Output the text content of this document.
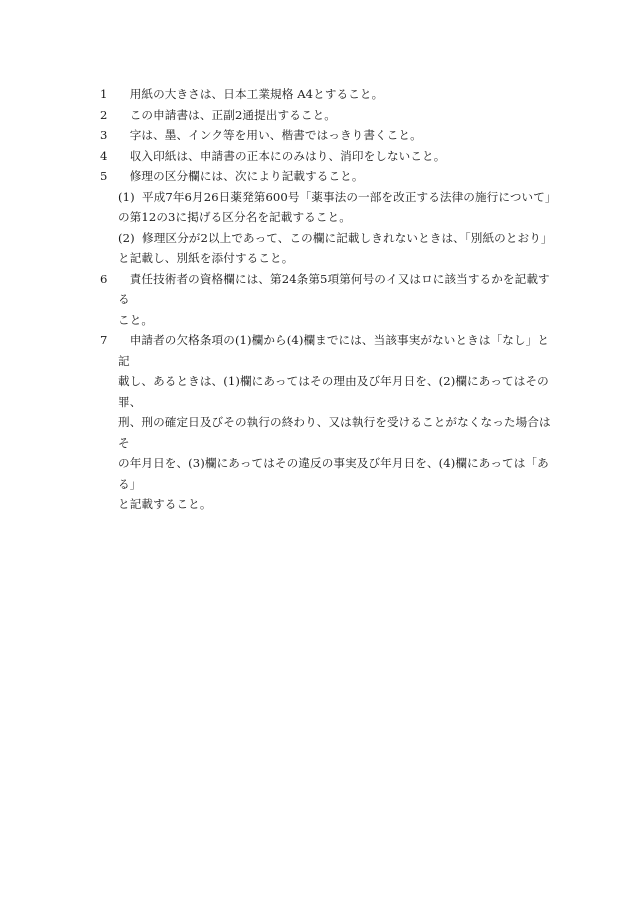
1 　用紙の大きさは、日本工業規格 A4とすること。
2 　この申請書は、正副2通提出すること。
3 　字は、墨、インク等を用い、楷書ではっきり書くこと。
4 　収入印紙は、申請書の正本にのみはり、消印をしないこと。
5 　修理の区分欄には、次により記載すること。
(1) 平成7年6月26日薬発第600号「薬事法の一部を改正する法律の施行について」
の第12の3に掲げる区分名を記載すること。
(2) 修理区分が2以上であって、この欄に記載しきれないときは、「別紙のとおり」
と記載し、別紙を添付すること。
6 　責任技術者の資格欄には、第24条第5項第何号のイ又はロに該当するかを記載する
こと。
7 　申請者の欠格条項の(1)欄から(4)欄までには、当該事実がないときは「なし」と記
載し、あるときは、(1)欄にあってはその理由及び年月日を、(2)欄にあってはその罪、
刑、刑の確定日及びその執行の終わり、又は執行を受けることがなくなった場合はそ
の年月日を、(3)欄にあってはその違反の事実及び年月日を、(4)欄にあっては「ある」
と記載すること。
